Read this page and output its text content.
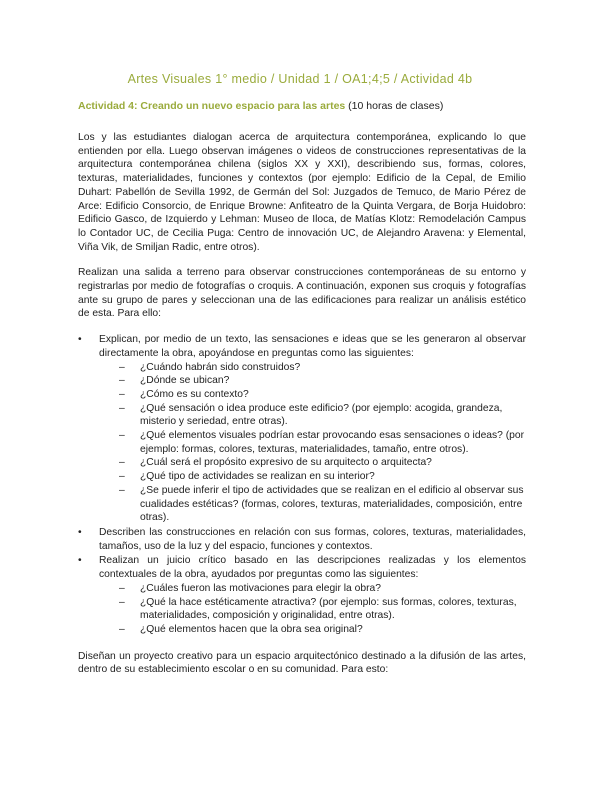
Artes Visuales 1° medio / Unidad 1 / OA1;4;5 / Actividad 4b
Actividad 4: Creando un nuevo espacio para las artes (10 horas de clases)

Los y las estudiantes dialogan acerca de arquitectura contemporánea, explicando lo que entienden por ella. Luego observan imágenes o videos de construcciones representativas de la arquitectura contemporánea chilena (siglos XX y XXI), describiendo sus, formas, colores, texturas, materialidades, funciones y contextos (por ejemplo: Edificio de la Cepal, de Emilio Duhart: Pabellón de Sevilla 1992, de Germán del Sol: Juzgados de Temuco, de Mario Pérez de Arce: Edificio Consorcio, de Enrique Browne: Anfiteatro de la Quinta Vergara, de Borja Huidobro: Edificio Gasco, de Izquierdo y Lehman: Museo de Iloca, de Matías Klotz: Remodelación Campus lo Contador UC, de Cecilia Puga: Centro de innovación UC, de Alejandro Aravena: y Elemental, Viña Vik, de Smiljan Radic, entre otros).

Realizan una salida a terreno para observar construcciones contemporáneas de su entorno y registrarlas por medio de fotografías o croquis. A continuación, exponen sus croquis y fotografías ante su grupo de pares y seleccionan una de las edificaciones para realizar un análisis estético de esta. Para ello:

• Explican, por medio de un texto, las sensaciones e ideas que se les generaron al observar directamente la obra, apoyándose en preguntas como las siguientes:
– ¿Cuándo habrán sido construidos?
– ¿Dónde se ubican?
– ¿Cómo es su contexto?
– ¿Qué sensación o idea produce este edificio? (por ejemplo: acogida, grandeza, misterio y seriedad, entre otras).
– ¿Qué elementos visuales podrían estar provocando esas sensaciones o ideas? (por ejemplo: formas, colores, texturas, materialidades, tamaño, entre otros).
– ¿Cuál será el propósito expresivo de su arquitecto o arquitecta?
– ¿Qué tipo de actividades se realizan en su interior?
– ¿Se puede inferir el tipo de actividades que se realizan en el edificio al observar sus cualidades estéticas? (formas, colores, texturas, materialidades, composición, entre otras).
• Describen las construcciones en relación con sus formas, colores, texturas, materialidades, tamaños, uso de la luz y del espacio, funciones y contextos.
• Realizan un juicio crítico basado en las descripciones realizadas y los elementos contextuales de la obra, ayudados por preguntas como las siguientes:
– ¿Cuáles fueron las motivaciones para elegir la obra?
– ¿Qué la hace estéticamente atractiva? (por ejemplo: sus formas, colores, texturas, materialidades, composición y originalidad, entre otras).
– ¿Qué elementos hacen que la obra sea original?

Diseñan un proyecto creativo para un espacio arquitectónico destinado a la difusión de las artes, dentro de su establecimiento escolar o en su comunidad. Para esto:
